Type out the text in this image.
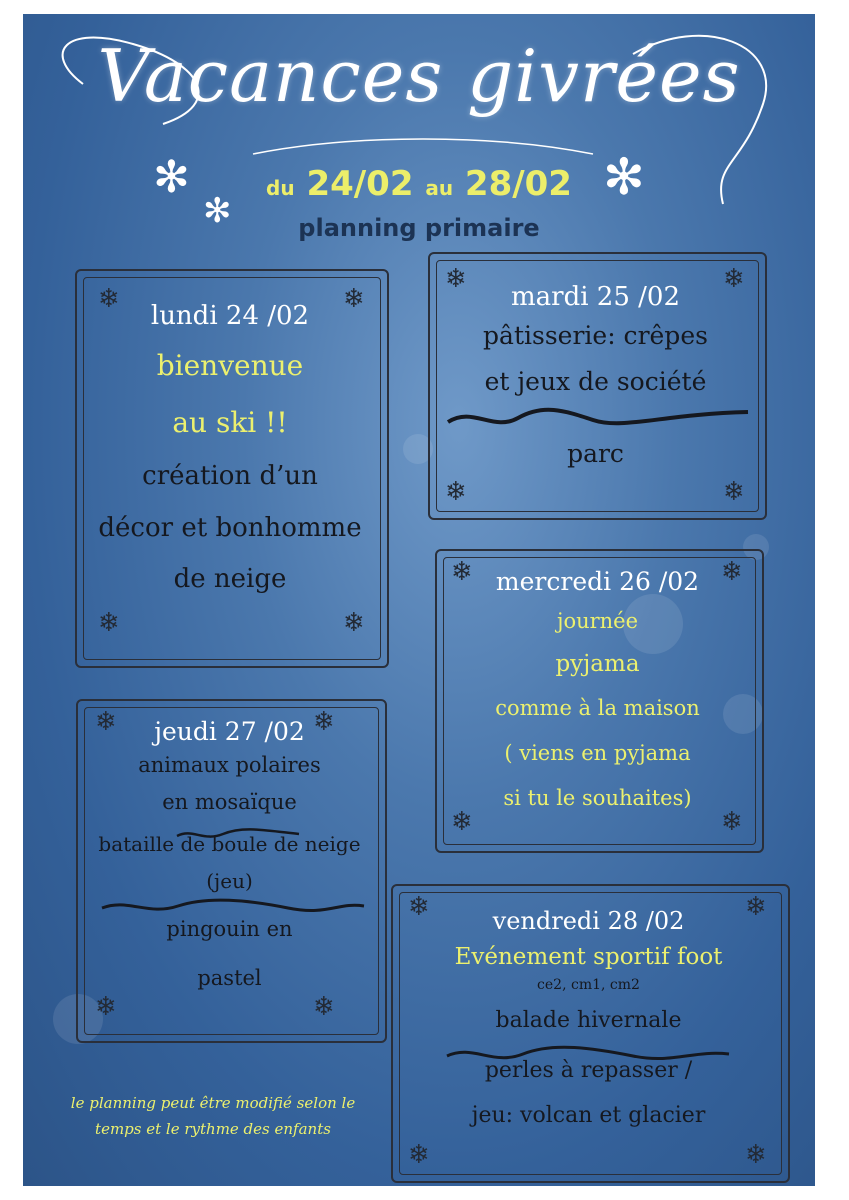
Vacances givrées
du 24/02 au 28/02
planning primaire
✻
✻
✻
❄	❄
❄	❄
lundi 24 /02
bienvenue
au ski !!
création d’un
décor et bonhomme
de neige
❄	❄
❄	❄
mardi 25 /02
pâtisserie: crêpes
et jeux de société
parc
❄	❄
❄	❄
mercredi 26 /02
journée
pyjama
comme à la maison
( viens en pyjama
si tu le souhaites)
❄	❄
❄	❄
jeudi 27 /02
animaux polaires
en mosaïque
bataille de boule de neige
(jeu)
pingouin en
pastel
❄	❄
❄	❄
vendredi 28 /02
Evénement sportif foot
ce2, cm1, cm2
balade hivernale
perles à repasser /
jeu: volcan et glacier
le planning peut être modifié selon le
temps et le rythme des enfants
